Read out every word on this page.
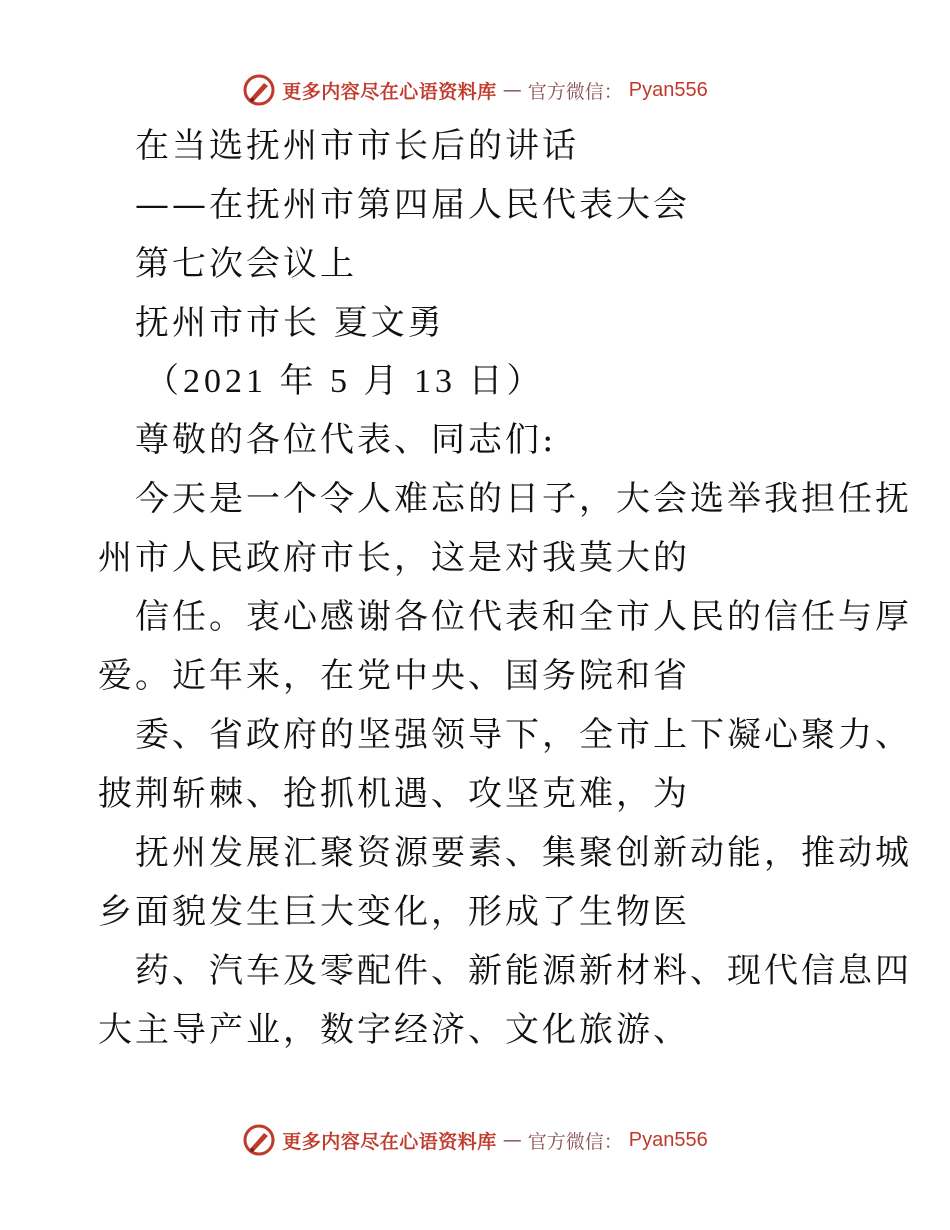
更多内容尽在心语资料库 — 官方微信： Pyan556
在当选抚州市市长后的讲话
——在抚州市第四届人民代表大会
第七次会议上
抚州市市长 夏文勇
（2021 年 5 月 13 日）
尊敬的各位代表、同志们:
今天是一个令人难忘的日子，大会选举我担任抚
州市人民政府市长，这是对我莫大的
信任。衷心感谢各位代表和全市人民的信任与厚
爱。近年来，在党中央、国务院和省
委、省政府的坚强领导下，全市上下凝心聚力、
披荆斩棘、抢抓机遇、攻坚克难，为
抚州发展汇聚资源要素、集聚创新动能，推动城
乡面貌发生巨大变化，形成了生物医
药、汽车及零配件、新能源新材料、现代信息四
大主导产业，数字经济、文化旅游、
更多内容尽在心语资料库 — 官方微信： Pyan556
